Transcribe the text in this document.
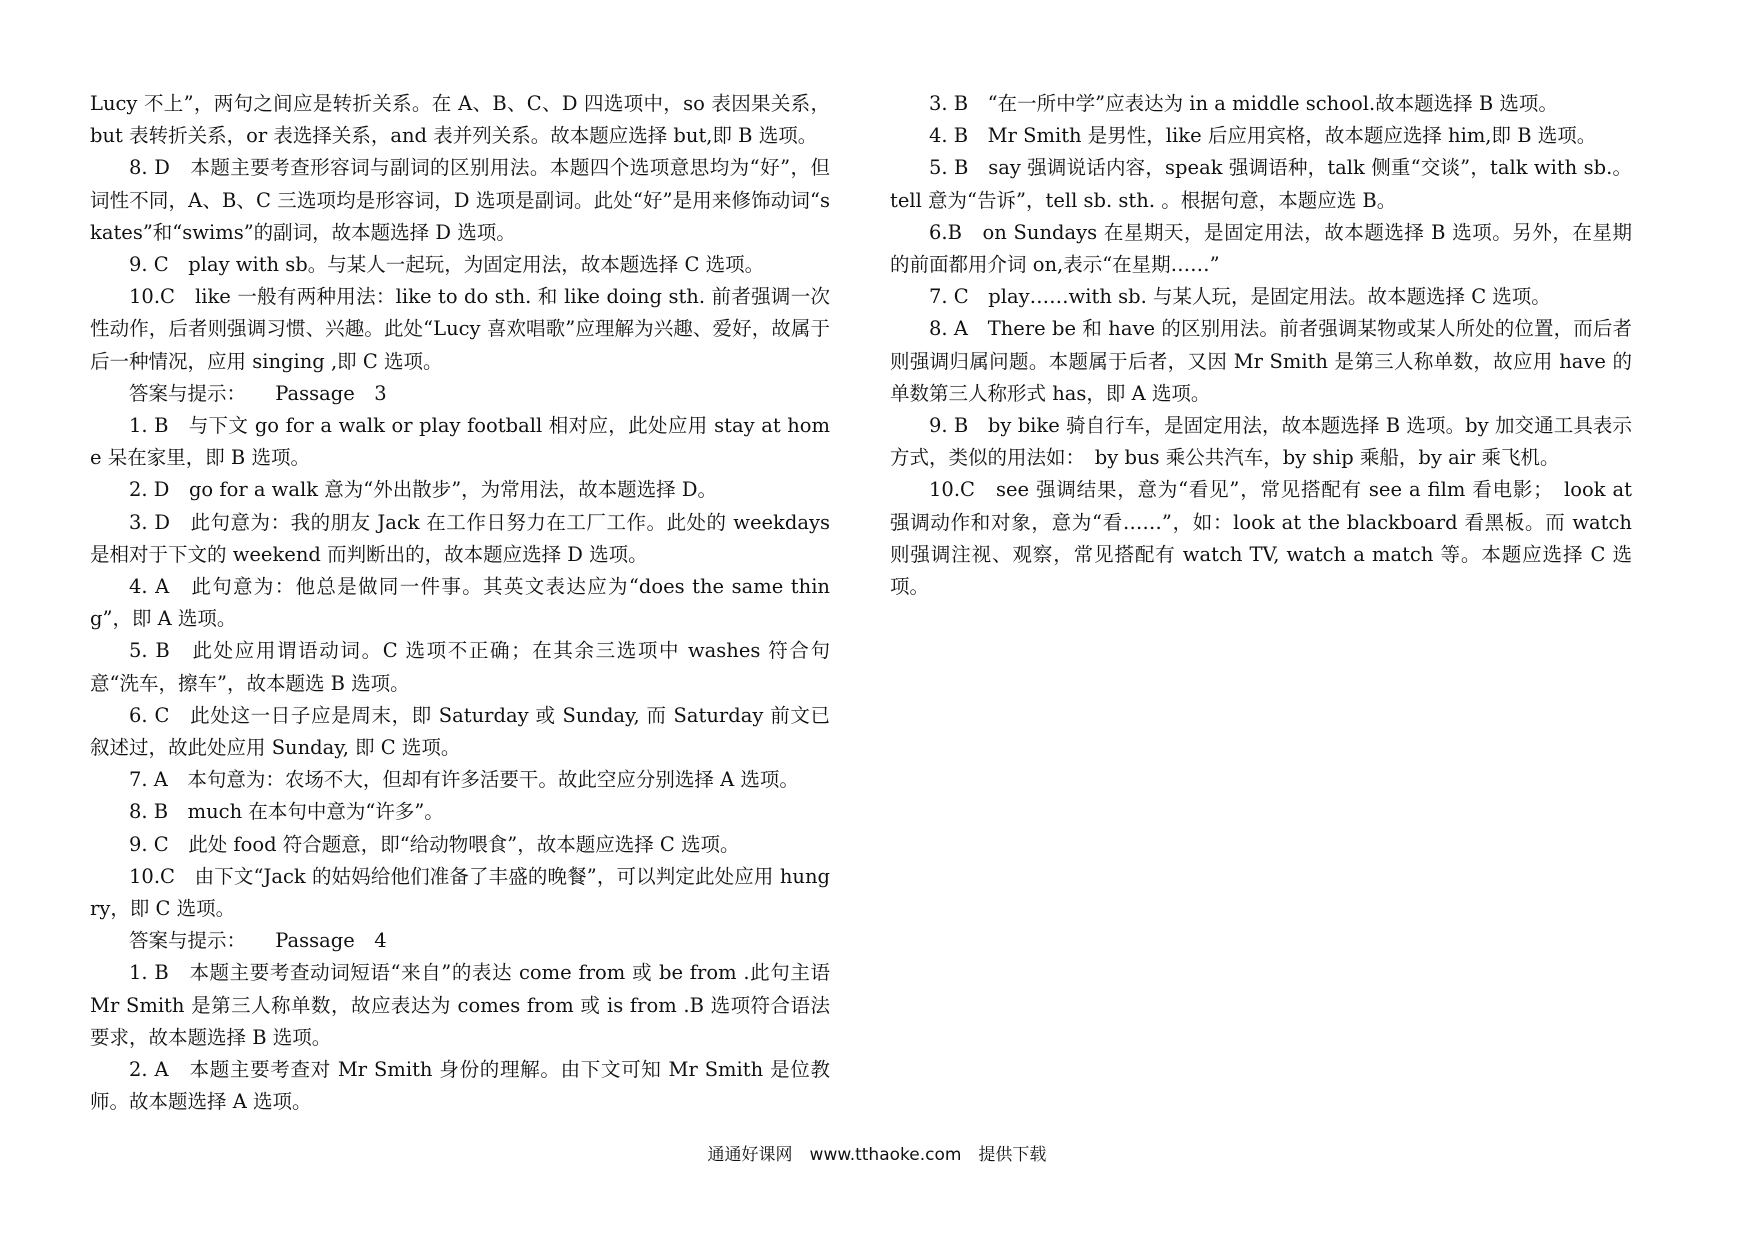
Lucy 不上”，两句之间应是转折关系。在 A、B、C、D 四选项中，so 表因果关系，but 表转折关系，or 表选择关系，and 表并列关系。故本题应选择 but,即 B 选项。

8. D　本题主要考查形容词与副词的区别用法。本题四个选项意思均为“好”，但词性不同，A、B、C 三选项均是形容词，D 选项是副词。此处“好”是用来修饰动词“skates”和“swims”的副词，故本题选择 D 选项。

9. C　play with sb。与某人一起玩，为固定用法，故本题选择 C 选项。

10.C　like 一般有两种用法：like to do sth. 和 like doing sth. 前者强调一次性动作，后者则强调习惯、兴趣。此处“Lucy 喜欢唱歌”应理解为兴趣、爱好，故属于后一种情况，应用 singing ,即 C 选项。

答案与提示：　　Passage　3

1. B　与下文 go for a walk or play football 相对应，此处应用 stay at home 呆在家里，即 B 选项。

2. D　go for a walk 意为“外出散步”，为常用法，故本题选择 D。

3. D　此句意为：我的朋友 Jack 在工作日努力在工厂工作。此处的 weekdays 是相对于下文的 weekend 而判断出的，故本题应选择 D 选项。

4. A　此句意为：他总是做同一件事。其英文表达应为“does the same thing”，即 A 选项。

5. B　此处应用谓语动词。C 选项不正确；在其余三选项中 washes 符合句意“洗车，擦车”，故本题选 B 选项。

6. C　此处这一日子应是周末，即 Saturday 或 Sunday, 而 Saturday 前文已叙述过，故此处应用 Sunday, 即 C 选项。

7. A　本句意为：农场不大，但却有许多活要干。故此空应分别选择 A 选项。

8. B　much 在本句中意为“许多”。

9. C　此处 food 符合题意，即“给动物喂食”，故本题应选择 C 选项。

10.C　由下文“Jack 的姑妈给他们准备了丰盛的晚餐”，可以判定此处应用 hungry，即 C 选项。

答案与提示：　　Passage　4

1. B　本题主要考查动词短语“来自”的表达 come from 或 be from .此句主语 Mr Smith 是第三人称单数，故应表达为 comes from 或 is from .B 选项符合语法要求，故本题选择 B 选项。

2. A　本题主要考查对 Mr Smith 身份的理解。由下文可知 Mr Smith 是位教师。故本题选择 A 选项。

3. B　“在一所中学”应表达为 in a middle school.故本题选择 B 选项。

4. B　Mr Smith 是男性，like 后应用宾格，故本题应选择 him,即 B 选项。

5. B　say 强调说话内容，speak 强调语种，talk 侧重“交谈”，talk with sb.。tell 意为“告诉”，tell sb. sth. 。根据句意，本题应选 B。

6.B　on Sundays 在星期天，是固定用法，故本题选择 B 选项。另外，在星期的前面都用介词 on,表示“在星期……”

7. C　play……with sb. 与某人玩，是固定用法。故本题选择 C 选项。

8. A　There be 和 have 的区别用法。前者强调某物或某人所处的位置，而后者则强调归属问题。本题属于后者，又因 Mr Smith 是第三人称单数，故应用 have 的单数第三人称形式 has，即 A 选项。

9. B　by bike 骑自行车，是固定用法，故本题选择 B 选项。by 加交通工具表示方式，类似的用法如：　by bus 乘公共汽车，by ship 乘船，by air 乘飞机。

10.C　see 强调结果，意为“看见”，常见搭配有 see a film 看电影；　look at 强调动作和对象，意为“看……”，如：look at the blackboard 看黑板。而 watch 则强调注视、观察，常见搭配有 watch TV, watch a match 等。本题应选择 C 选项。

通通好课网　www.tthaoke.com　提供下载
